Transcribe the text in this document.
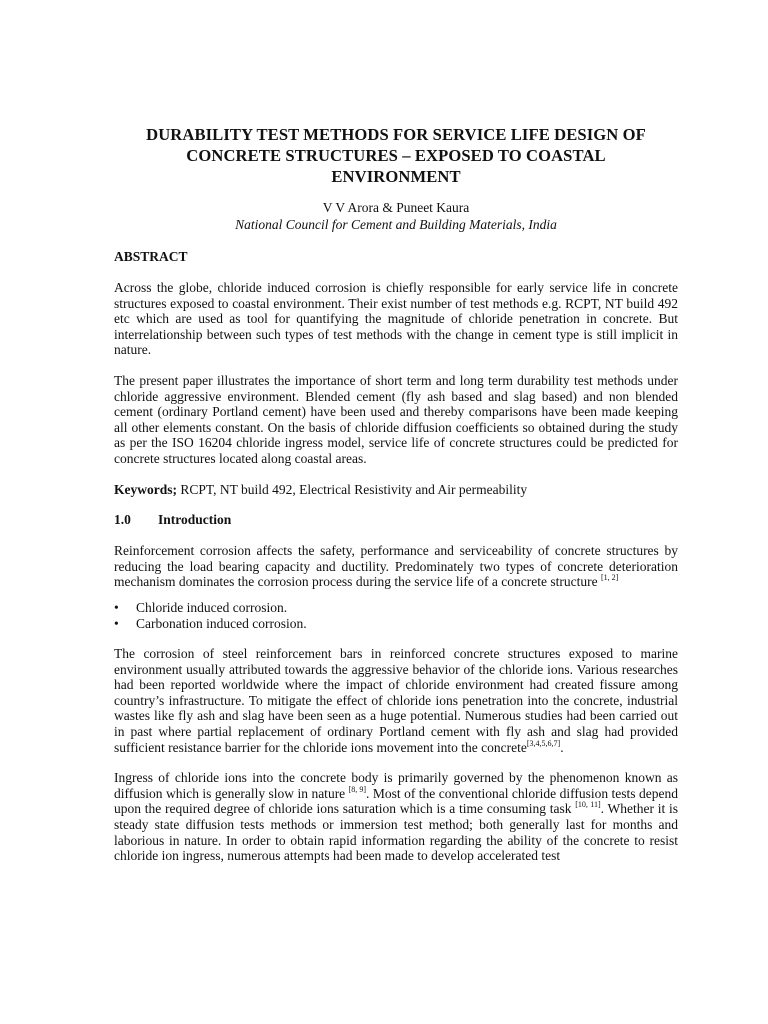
DURABILITY TEST METHODS FOR SERVICE LIFE DESIGN OF
CONCRETE STRUCTURES – EXPOSED TO COASTAL
ENVIRONMENT
V V Arora & Puneet Kaura
National Council for Cement and Building Materials, India
ABSTRACT

Across the globe, chloride induced corrosion is chiefly responsible for early service life in concrete structures exposed to coastal environment. Their exist number of test methods e.g. RCPT, NT build 492 etc which are used as tool for quantifying the magnitude of chloride penetration in concrete. But interrelationship between such types of test methods with the change in cement type is still implicit in nature.

The present paper illustrates the importance of short term and long term durability test methods under chloride aggressive environment. Blended cement (fly ash based and slag based) and non blended cement (ordinary Portland cement) have been used and thereby comparisons have been made keeping all other elements constant. On the basis of chloride diffusion coefficients so obtained during the study as per the ISO 16204 chloride ingress model, service life of concrete structures could be predicted for concrete structures located along coastal areas.

Keywords; RCPT, NT build 492, Electrical Resistivity and Air permeability

1.0	Introduction

Reinforcement corrosion affects the safety, performance and serviceability of concrete structures by reducing the load bearing capacity and ductility. Predominately two types of concrete deterioration mechanism dominates the corrosion process during the service life of a concrete structure [1, 2]

•	Chloride induced corrosion.
•	Carbonation induced corrosion.

The corrosion of steel reinforcement bars in reinforced concrete structures exposed to marine environment usually attributed towards the aggressive behavior of the chloride ions. Various researches had been reported worldwide where the impact of chloride environment had created fissure among country’s infrastructure. To mitigate the effect of chloride ions penetration into the concrete, industrial wastes like fly ash and slag have been seen as a huge potential. Numerous studies had been carried out in past where partial replacement of ordinary Portland cement with fly ash and slag had provided sufficient resistance barrier for the chloride ions movement into the concrete[3,4,5,6,7].

Ingress of chloride ions into the concrete body is primarily governed by the phenomenon known as diffusion which is generally slow in nature [8, 9]. Most of the conventional chloride diffusion tests depend upon the required degree of chloride ions saturation which is a time consuming task [10, 11]. Whether it is steady state diffusion tests methods or immersion test method; both generally last for months and laborious in nature. In order to obtain rapid information regarding the ability of the concrete to resist chloride ion ingress, numerous attempts had been made to develop accelerated test
